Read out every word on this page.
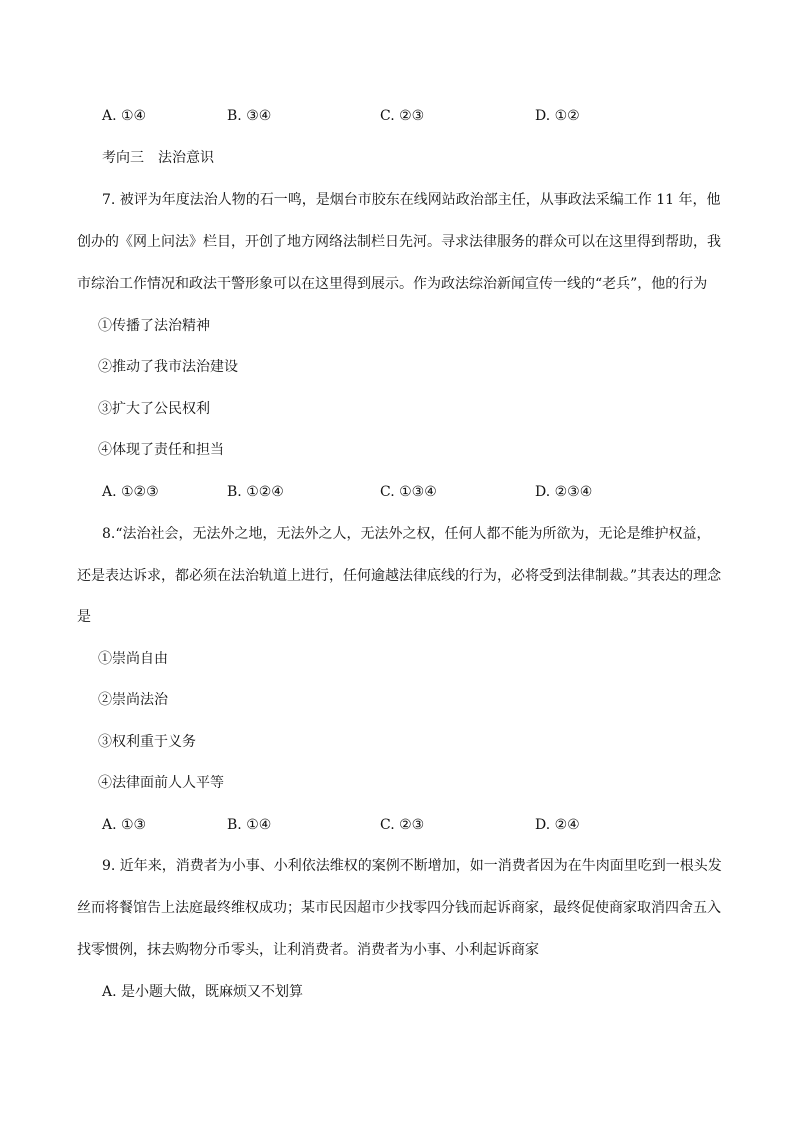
A. ①④	B. ③④	C. ②③	D. ①②
考向三　法治意识
7. 被评为年度法治人物的石一鸣，是烟台市胶东在线网站政治部主任，从事政法采编工作 11 年，他
创办的《网上问法》栏目，开创了地方网络法制栏日先河。寻求法律服务的群众可以在这里得到帮助，我
市综治工作情况和政法干警形象可以在这里得到展示。作为政法综治新闻宣传一线的“老兵”，他的行为
①传播了法治精神
②推动了我市法治建设
③扩大了公民权利
④体现了责任和担当
A. ①②③	B. ①②④	C. ①③④	D. ②③④
8.“法治社会，无法外之地，无法外之人，无法外之权，任何人都不能为所欲为，无论是维护权益，
还是表达诉求，都必须在法治轨道上进行，任何逾越法律底线的行为，必将受到法律制裁。”其表达的理念
是
①崇尚自由
②崇尚法治
③权利重于义务
④法律面前人人平等
A. ①③	B. ①④	C. ②③	D. ②④
9. 近年来，消费者为小事、小利依法维权的案例不断增加，如一消费者因为在牛肉面里吃到一根头发
丝而将餐馆告上法庭最终维权成功；某市民因超市少找零四分钱而起诉商家，最终促使商家取消四舍五入
找零惯例，抹去购物分币零头，让利消费者。消费者为小事、小利起诉商家
A. 是小题大做，既麻烦又不划算
